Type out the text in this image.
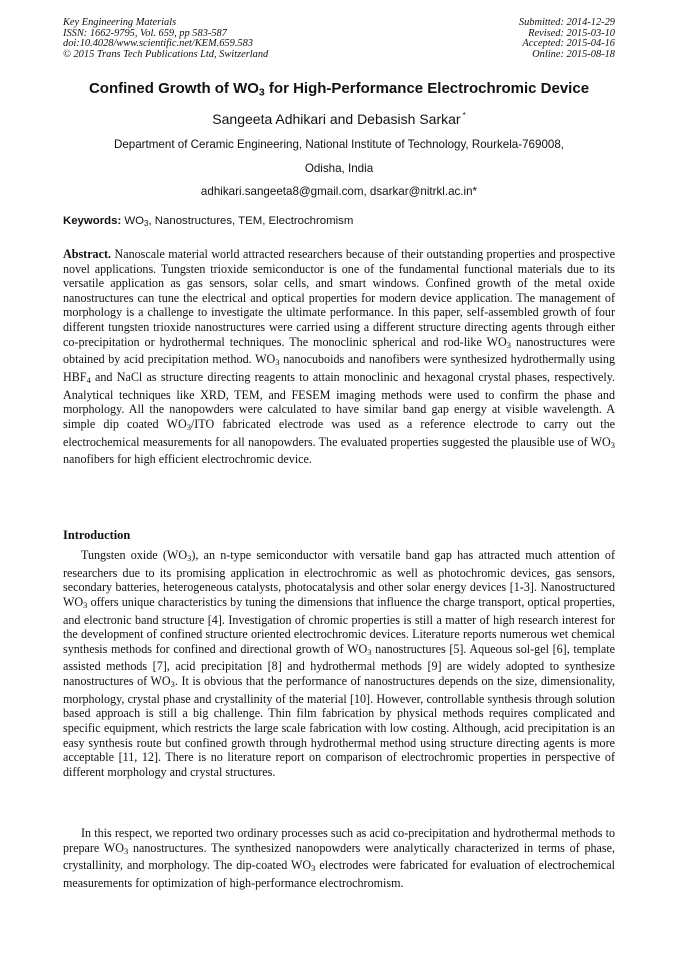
Key Engineering Materials
ISSN: 1662-9795, Vol. 659, pp 583-587
doi:10.4028/www.scientific.net/KEM.659.583
© 2015 Trans Tech Publications Ltd, Switzerland
Submitted: 2014-12-29
Revised: 2015-03-10
Accepted: 2015-04-16
Online: 2015-08-18
Confined Growth of $WO_3$ for High-Performance Electrochromic Device
Sangeeta Adhikari and Debasish Sarkar *
Department of Ceramic Engineering, National Institute of Technology, Rourkela-769008,
Odisha, India
adhikari.sangeeta8@gmail.com, dsarkar@nitrkl.ac.in*
Keywords: $WO_3$, Nanostructures, TEM, Electrochromism

Abstract. Nanoscale material world attracted researchers because of their outstanding properties and prospective novel applications. Tungsten trioxide semiconductor is one of the fundamental functional materials due to its versatile application as gas sensors, solar cells, and smart windows. Confined growth of the metal oxide nanostructures can tune the electrical and optical properties for modern device application. The management of morphology is a challenge to investigate the ultimate performance. In this paper, self-assembled growth of four different tungsten trioxide nanostructures were carried using a different structure directing agents through either co-precipitation or hydrothermal techniques. The monoclinic spherical and rod-like $WO_3$ nanostructures were obtained by acid precipitation method. $WO_3$ nanocuboids and nanofibers were synthesized hydrothermally using $HBF_4$ and NaCl as structure directing reagents to attain monoclinic and hexagonal crystal phases, respectively. Analytical techniques like XRD, TEM, and FESEM imaging methods were used to confirm the phase and morphology. All the nanopowders were calculated to have similar band gap energy at visible wavelength. A simple dip coated $WO_3$/ITO fabricated electrode was used as a reference electrode to carry out the electrochemical measurements for all nanopowders. The evaluated properties suggested the plausible use of $WO_3$ nanofibers for high efficient electrochromic device.

Introduction

Tungsten oxide $(WO_3)$, an n-type semiconductor with versatile band gap has attracted much attention of researchers due to its promising application in electrochromic as well as photochromic devices, gas sensors, secondary batteries, heterogeneous catalysts, photocatalysis and other solar energy devices [1-3]. Nanostructured $WO_3$ offers unique characteristics by tuning the dimensions that influence the charge transport, optical properties, and electronic band structure [4]. Investigation of chromic properties is still a matter of high research interest for the development of confined structure oriented electrochromic devices. Literature reports numerous wet chemical synthesis methods for confined and directional growth of $WO_3$ nanostructures [5]. Aqueous sol-gel [6], template assisted methods [7], acid precipitation [8] and hydrothermal methods [9] are widely adopted to synthesize nanostructures of $WO_3$. It is obvious that the performance of nanostructures depends on the size, dimensionality, morphology, crystal phase and crystallinity of the material [10]. However, controllable synthesis through solution based approach is still a big challenge. Thin film fabrication by physical methods requires complicated and specific equipment, which restricts the large scale fabrication with low costing. Although, acid precipitation is an easy synthesis route but confined growth through hydrothermal method using structure directing agents is more acceptable [11, 12]. There is no literature report on comparison of electrochromic properties in perspective of different morphology and crystal structures.

In this respect, we reported two ordinary processes such as acid co-precipitation and hydrothermal methods to prepare $WO_3$ nanostructures. The synthesized nanopowders were analytically characterized in terms of phase, crystallinity, and morphology. The dip-coated $WO_3$ electrodes were fabricated for evaluation of electrochemical measurements for optimization of high-performance electrochromism.
